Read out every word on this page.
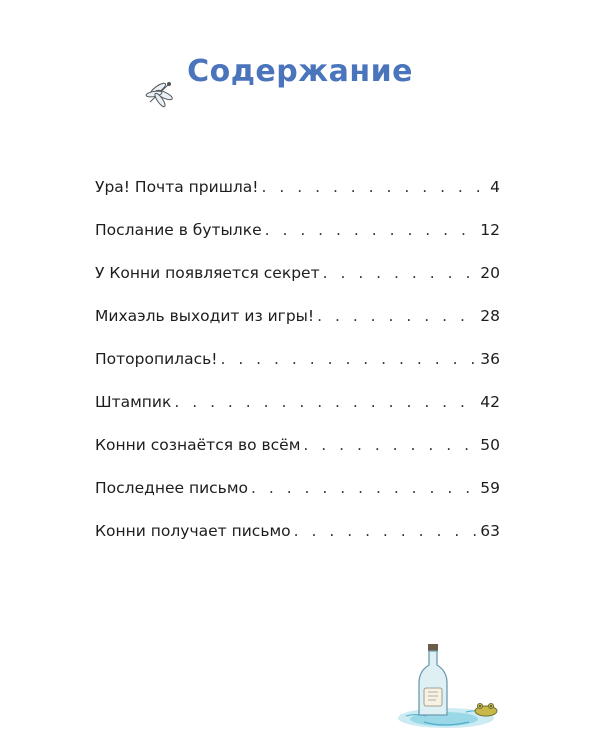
Содержание
Ура! Почта пришла! . . .	4
Послание в бутылке . . .	12
У Конни появляется секрет . . .	20
Михаэль выходит из игры! . . .	28
Поторопилась! . . .	36
Штампик . . .	42
Конни сознаётся во всём . . .	50
Последнее письмо . . .	59
Конни получает письмо . . .	63
